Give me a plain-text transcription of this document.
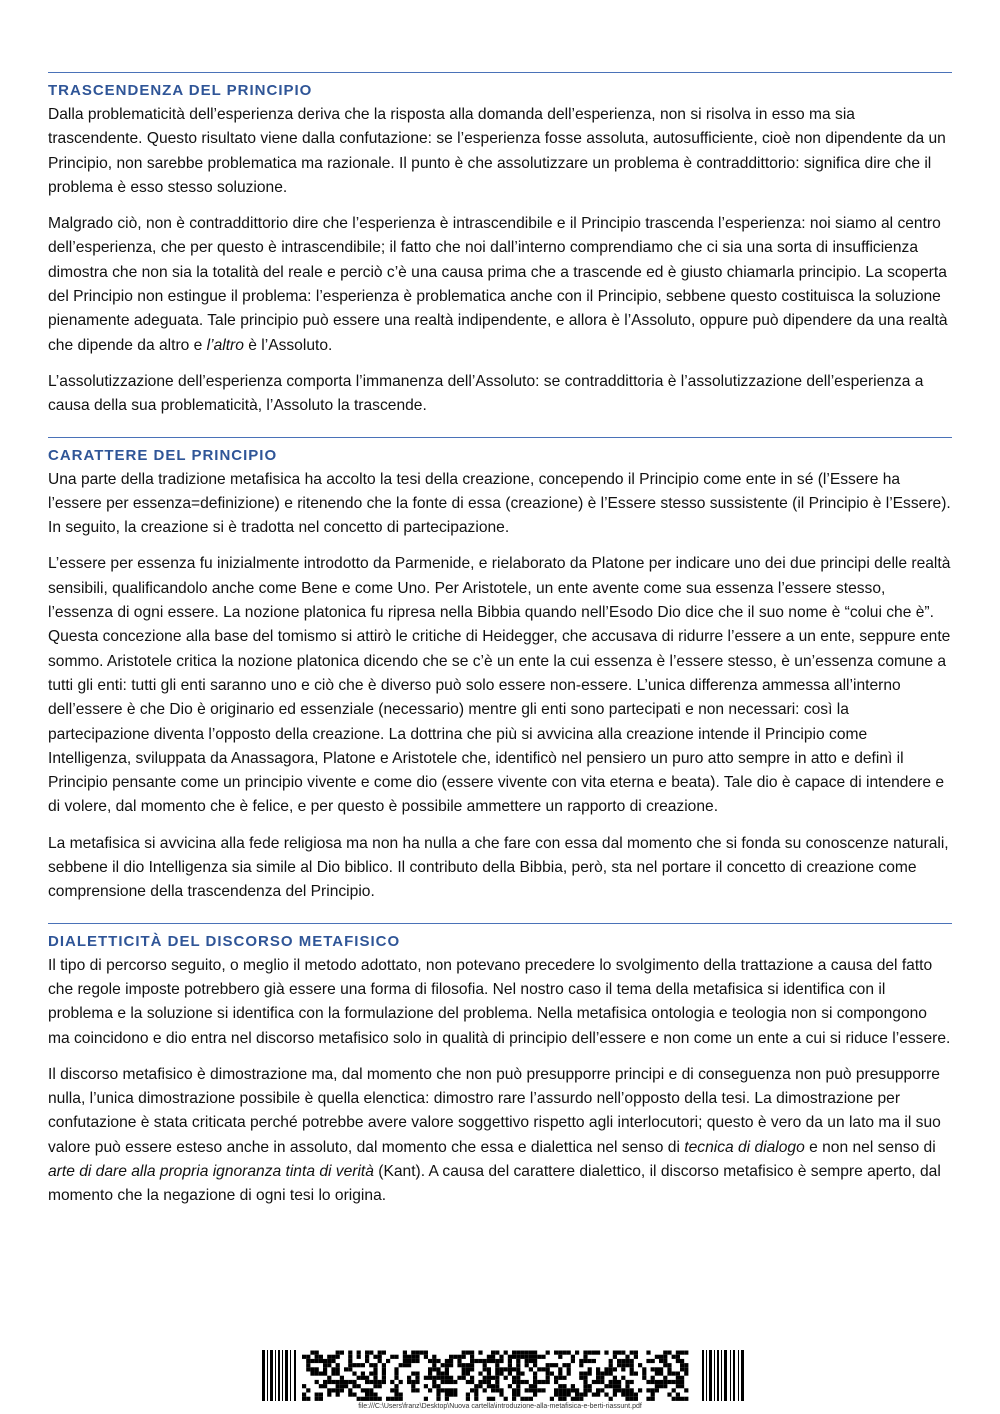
TRASCENDENZA DEL PRINCIPIO

Dalla problematicità dell’esperienza deriva che la risposta alla domanda dell’esperienza, non si risolva in esso ma sia trascendente. Questo risultato viene dalla confutazione: se l’esperienza fosse assoluta, autosufficiente, cioè non dipendente da un Principio, non sarebbe problematica ma razionale. Il punto è che assolutizzare un problema è contraddittorio: significa dire che il problema è esso stesso soluzione.

Malgrado ciò, non è contraddittorio dire che l’esperienza è intrascendibile e il Principio trascenda l’esperienza: noi siamo al centro dell’esperienza, che per questo è intrascendibile; il fatto che noi dall’interno comprendiamo che ci sia una sorta di insufficienza dimostra che non sia la totalità del reale e perciò c’è una causa prima che a trascende ed è giusto chiamarla principio. La scoperta del Principio non estingue il problema: l’esperienza è problematica anche con il Principio, sebbene questo costituisca la soluzione pienamente adeguata. Tale principio può essere una realtà indipendente, e allora è l’Assoluto, oppure può dipendere da una realtà che dipende da altro e l’altro è l’Assoluto.

L’assolutizzazione dell’esperienza comporta l’immanenza dell’Assoluto: se contraddittoria è l’assolutizzazione dell’esperienza a causa della sua problematicità, l’Assoluto la trascende.

CARATTERE DEL PRINCIPIO

Una parte della tradizione metafisica ha accolto la tesi della creazione, concependo il Principio come ente in sé (l’Essere ha l’essere per essenza=definizione) e ritenendo che la fonte di essa (creazione) è l’Essere stesso sussistente (il Principio è l’Essere). In seguito, la creazione si è tradotta nel concetto di partecipazione.

L’essere per essenza fu inizialmente introdotto da Parmenide, e rielaborato da Platone per indicare uno dei due principi delle realtà sensibili, qualificandolo anche come Bene e come Uno. Per Aristotele, un ente avente come sua essenza l’essere stesso, l’essenza di ogni essere. La nozione platonica fu ripresa nella Bibbia quando nell’Esodo Dio dice che il suo nome è “colui che è”. Questa concezione alla base del tomismo si attirò le critiche di Heidegger, che accusava di ridurre l’essere a un ente, seppure ente sommo. Aristotele critica la nozione platonica dicendo che se c’è un ente la cui essenza è l’essere stesso, è un’essenza comune a tutti gli enti: tutti gli enti saranno uno e ciò che è diverso può solo essere non-essere. L’unica differenza ammessa all’interno dell’essere è che Dio è originario ed essenziale (necessario) mentre gli enti sono partecipati e non necessari: così la partecipazione diventa l’opposto della creazione. La dottrina che più si avvicina alla creazione intende il Principio come Intelligenza, sviluppata da Anassagora, Platone e Aristotele che, identificò nel pensiero un puro atto sempre in atto e definì il Principio pensante come un principio vivente e come dio (essere vivente con vita eterna e beata). Tale dio è capace di intendere e di volere, dal momento che è felice, e per questo è possibile ammettere un rapporto di creazione.

La metafisica si avvicina alla fede religiosa ma non ha nulla a che fare con essa dal momento che si fonda su conoscenze naturali, sebbene il dio Intelligenza sia simile al Dio biblico. Il contributo della Bibbia, però, sta nel portare il concetto di creazione come comprensione della trascendenza del Principio.

DIALETTICITÀ DEL DISCORSO METAFISICO

Il tipo di percorso seguito, o meglio il metodo adottato, non potevano precedere lo svolgimento della trattazione a causa del fatto che regole imposte potrebbero già essere una forma di filosofia. Nel nostro caso il tema della metafisica si identifica con il problema e la soluzione si identifica con la formulazione del problema. Nella metafisica ontologia e teologia non si compongono ma coincidono e dio entra nel discorso metafisico solo in qualità di principio dell’essere e non come un ente a cui si riduce l’essere.

Il discorso metafisico è dimostrazione ma, dal momento che non può presupporre principi e di conseguenza non può presupporre nulla, l’unica dimostrazione possibile è quella elenctica: dimostro rare l’assurdo nell’opposto della tesi. La dimostrazione per confutazione è stata criticata perché potrebbe avere valore soggettivo rispetto agli interlocutori; questo è vero da un lato ma il suo valore può essere esteso anche in assoluto, dal momento che essa e dialettica nel senso di tecnica di dialogo e non nel senso di arte di dare alla propria ignoranza tinta di verità (Kant). A causa del carattere dialettico, il discorso metafisico è sempre aperto, dal momento che la negazione di ogni tesi lo origina.

file:///C:\Users\franz\Desktop\Nuova cartella\introduzione-alla-metafisica-e-berti-riassunt.pdf
